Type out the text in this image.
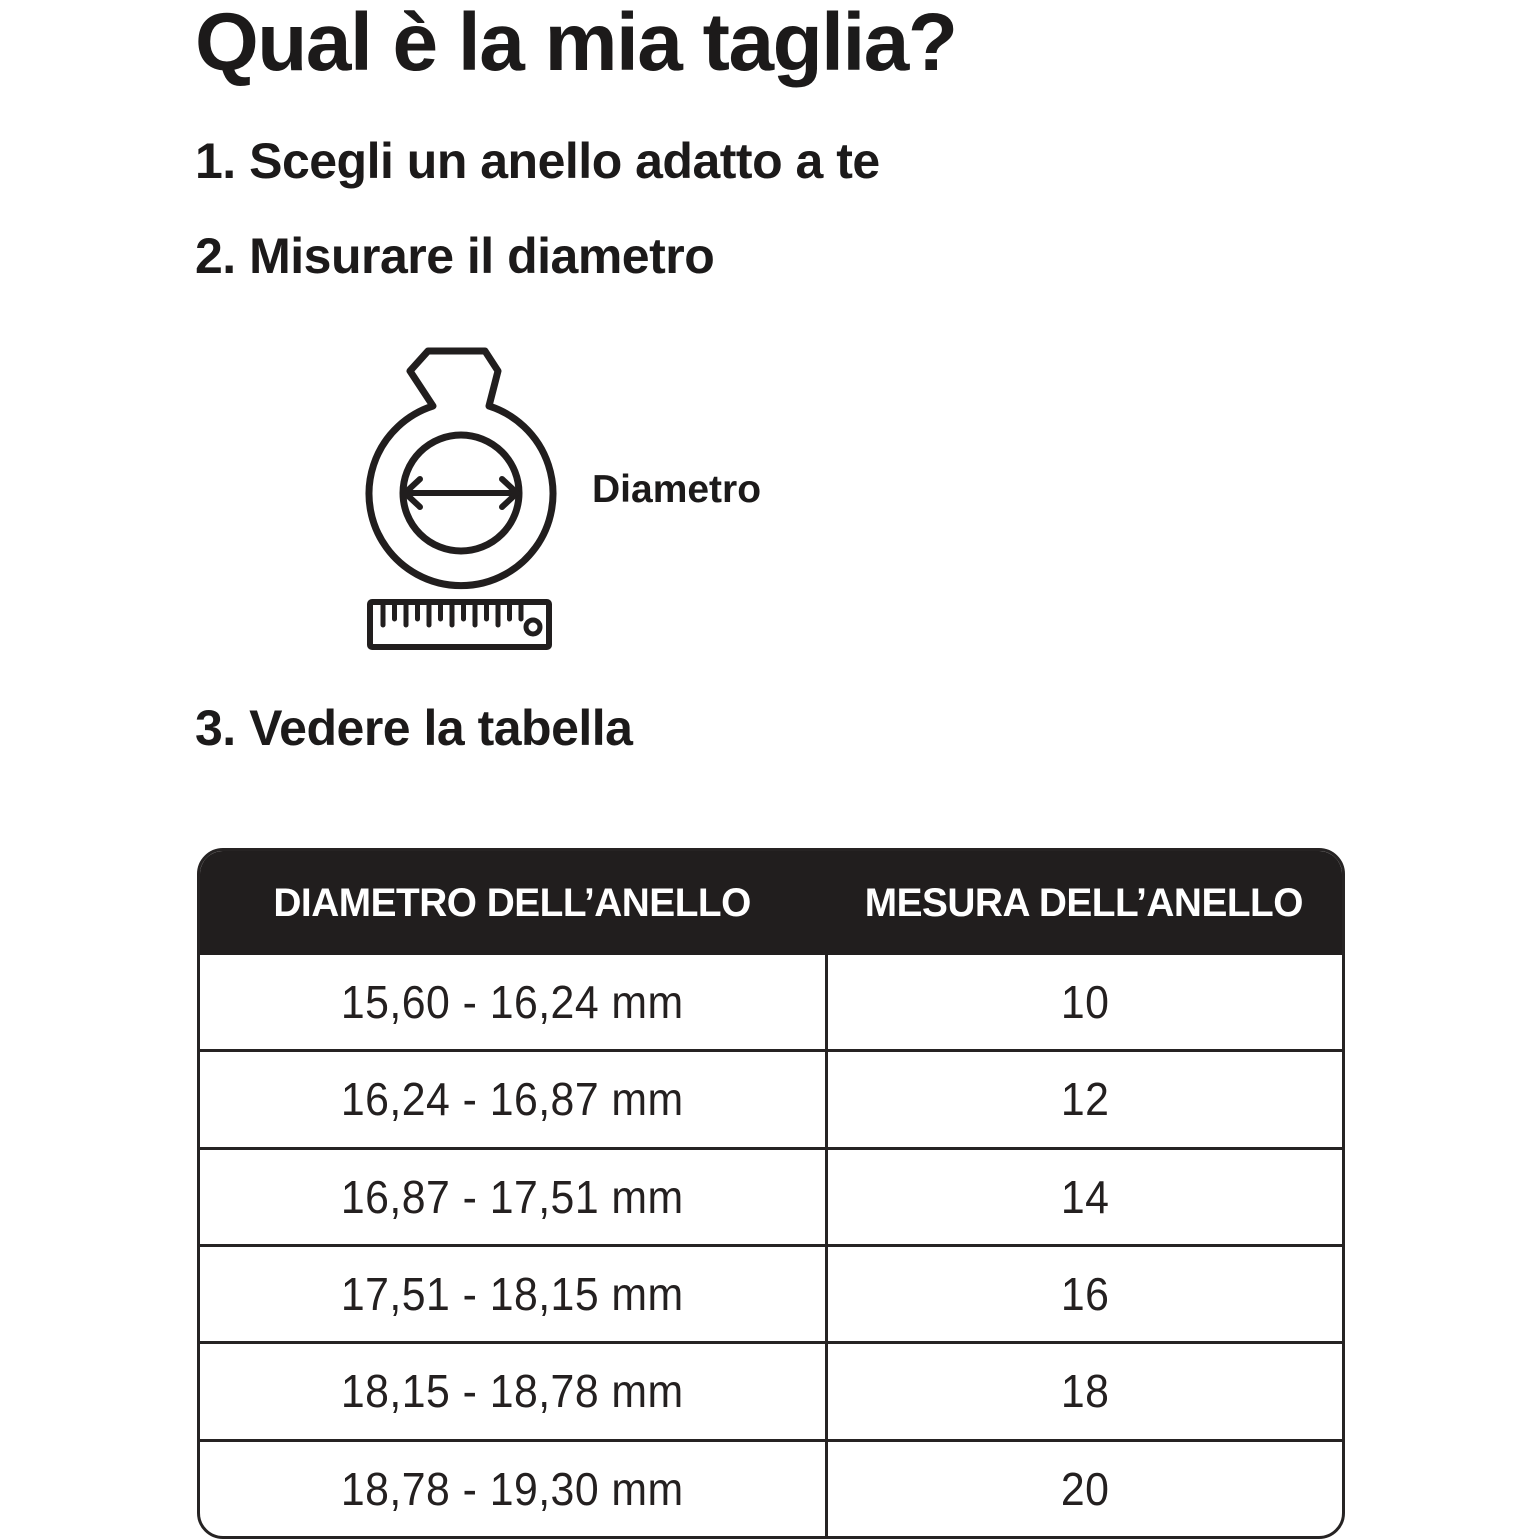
Qual è la mia taglia?
1. Scegli un anello adatto a te
2. Misurare il diametro
3. Vedere la tabella
Diametro
DIAMETRO DELL’ANELLO	MESURA DELL’ANELLO
15,60 - 16,24 mm	10
16,24 - 16,87 mm	12
16,87 - 17,51 mm	14
17,51 - 18,15 mm	16
18,15 - 18,78 mm	18
18,78 - 19,30 mm	20
